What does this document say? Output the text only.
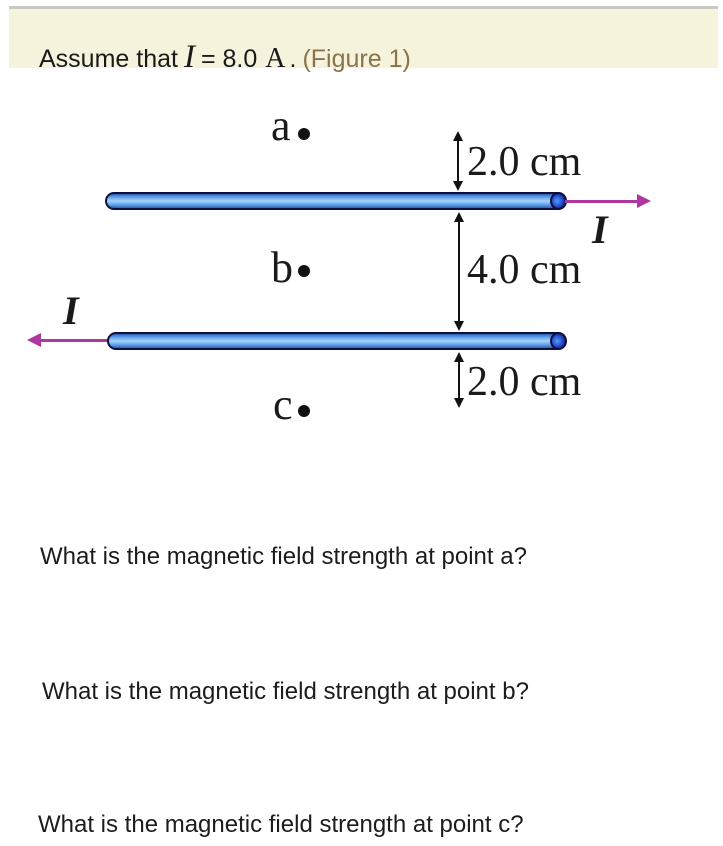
Assume that I = 8.0 A . (Figure 1)
a
2.0 cm
I
4.0 cm
b
I
2.0 cm
c
What is the magnetic field strength at point a?
What is the magnetic field strength at point b?
What is the magnetic field strength at point c?
